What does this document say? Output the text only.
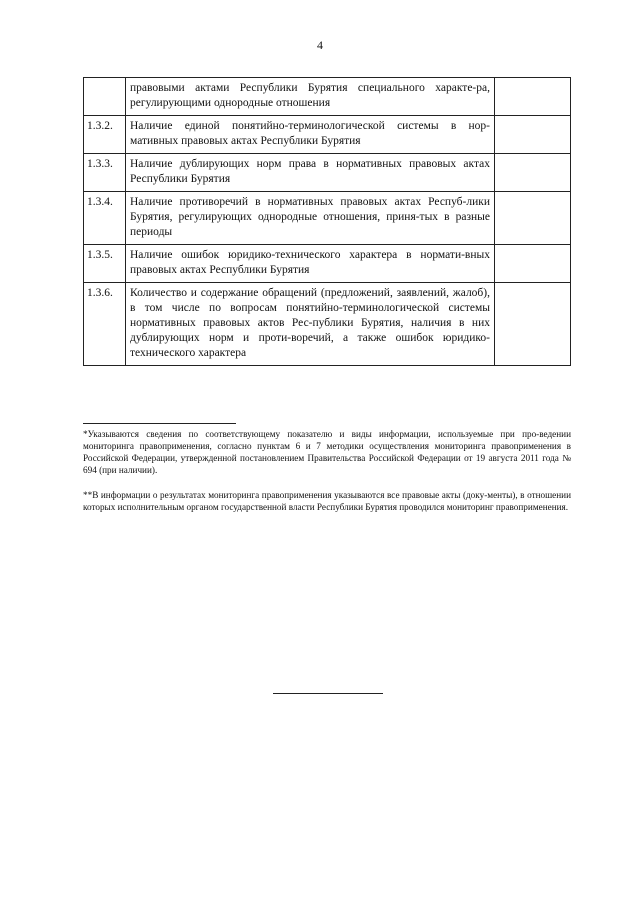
4
	правовыми актами Республики Бурятия специального характе-ра, регулирующими однородные отношения	
1.3.2.	Наличие единой понятийно-терминологической системы в нор-мативных правовых актах Республики Бурятия	
1.3.3.	Наличие дублирующих норм права в нормативных правовых актах Республики Бурятия	
1.3.4.	Наличие противоречий в нормативных правовых актах Респуб-лики Бурятия, регулирующих однородные отношения, приня-тых в разные периоды	
1.3.5.	Наличие ошибок юридико-технического характера в нормати-вных правовых актах Республики Бурятия	
1.3.6.	Количество и содержание обращений (предложений, заявлений, жалоб), в том числе по вопросам понятийно-терминологической системы нормативных правовых актов Рес-публики Бурятия, наличия в них дублирующих норм и проти-воречий, а также ошибок юридико-технического характера	

*Указываются сведения по соответствующему показателю и виды информации, используемые при про-ведении мониторинга правоприменения, согласно пунктам 6 и 7 методики осуществления мониторинга правоприменения в Российской Федерации, утвержденной постановлением Правительства Российской Федерации от 19 августа 2011 года № 694 (при наличии).

**В информации о результатах мониторинга правоприменения указываются все правовые акты (доку-менты), в отношении которых исполнительным органом государственной власти Республики Бурятия проводился мониторинг правоприменения.
